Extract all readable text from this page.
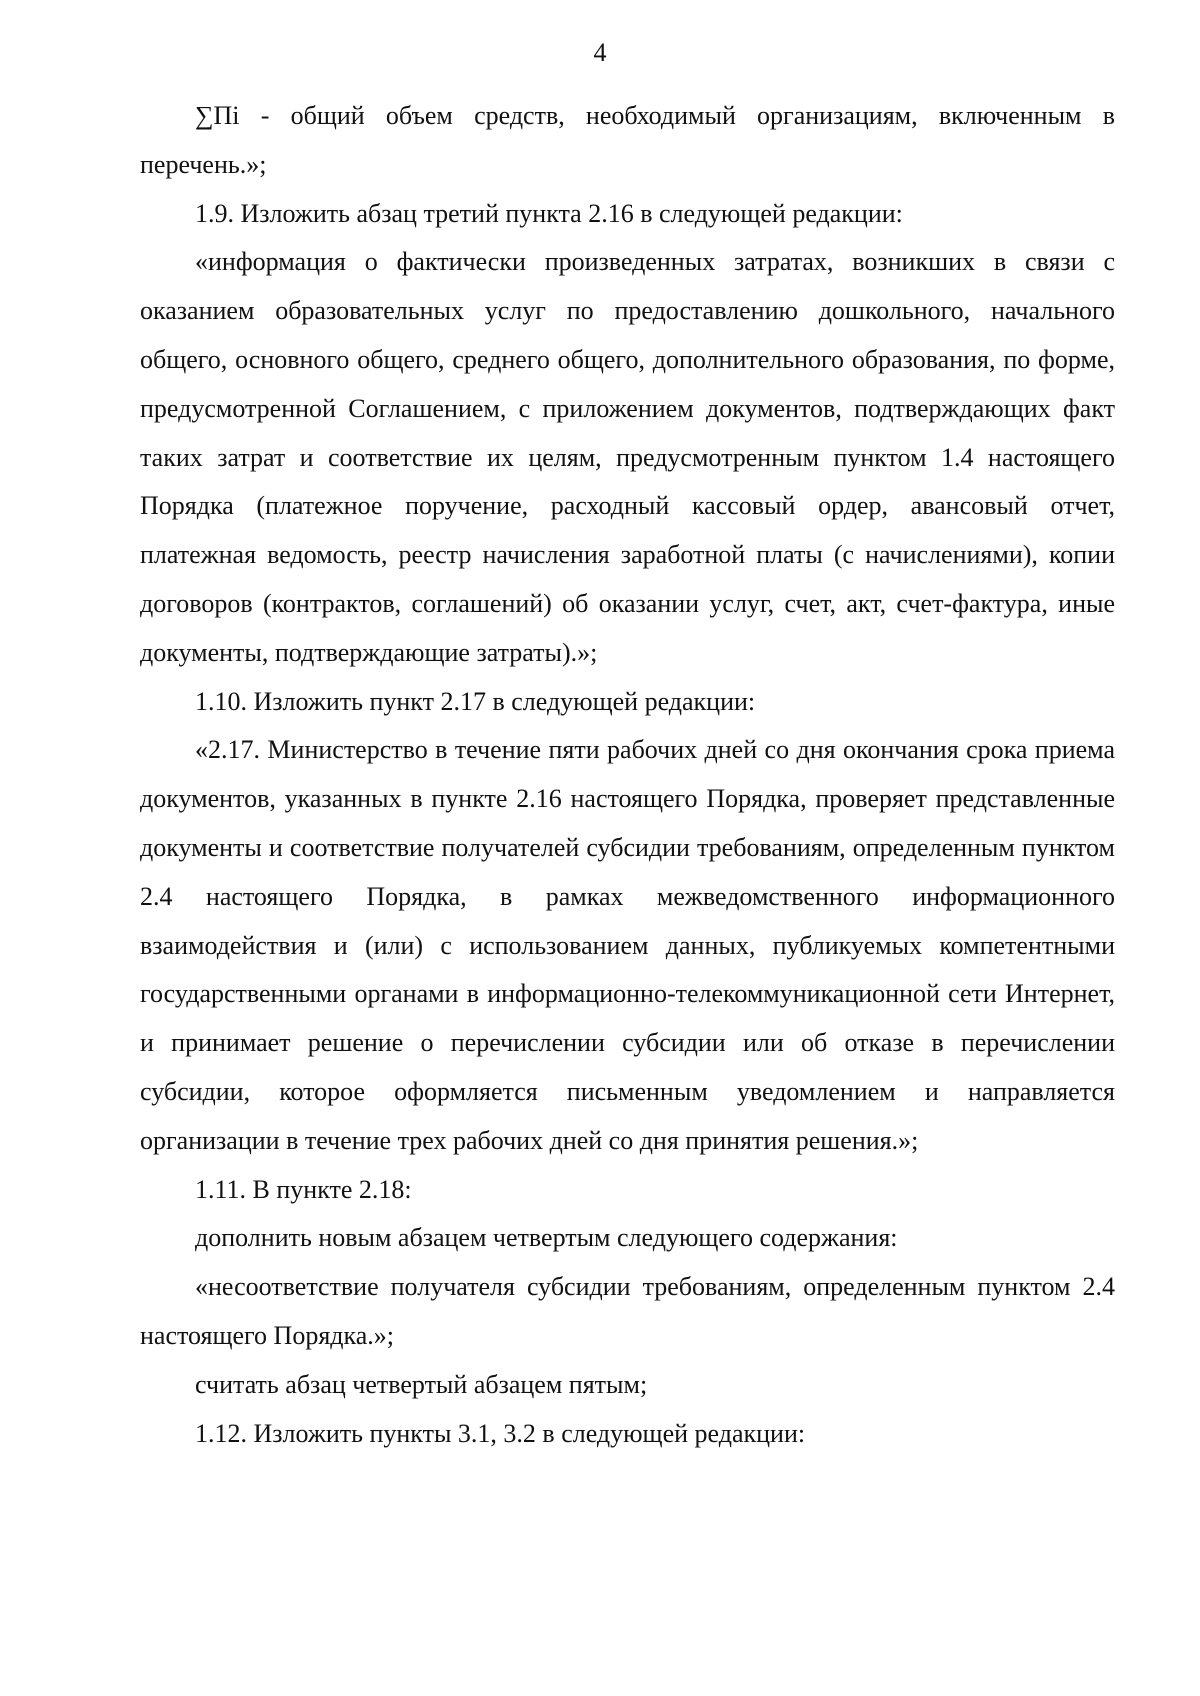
4

∑Пi - общий объем средств, необходимый организациям, включенным в перечень.»;

1.9. Изложить абзац третий пункта 2.16 в следующей редакции:

«информация о фактически произведенных затратах, возникших в связи с оказанием образовательных услуг по предоставлению дошкольного, начального общего, основного общего, среднего общего, дополнительного образования, по форме, предусмотренной Соглашением, с приложением документов, подтверждающих факт таких затрат и соответствие их целям, предусмотренным пунктом 1.4 настоящего Порядка (платежное поручение, расходный кассовый ордер, авансовый отчет, платежная ведомость, реестр начисления заработной платы (с начислениями), копии договоров (контрактов, соглашений) об оказании услуг, счет, акт, счет-фактура, иные документы, подтверждающие затраты).»;

1.10. Изложить пункт 2.17 в следующей редакции:

«2.17. Министерство в течение пяти рабочих дней со дня окончания срока приема документов, указанных в пункте 2.16 настоящего Порядка, проверяет представленные документы и соответствие получателей субсидии требованиям, определенным пунктом 2.4 настоящего Порядка, в рамках межведомственного информационного взаимодействия и (или) с использованием данных, публикуемых компетентными государственными органами в информационно-телекоммуникационной сети Интернет, и принимает решение о перечислении субсидии или об отказе в перечислении субсидии, которое оформляется письменным уведомлением и направляется организации в течение трех рабочих дней со дня принятия решения.»;

1.11. В пункте 2.18:

дополнить новым абзацем четвертым следующего содержания:

«несоответствие получателя субсидии требованиям, определенным пунктом 2.4 настоящего Порядка.»;

считать абзац четвертый абзацем пятым;

1.12. Изложить пункты 3.1, 3.2 в следующей редакции:
